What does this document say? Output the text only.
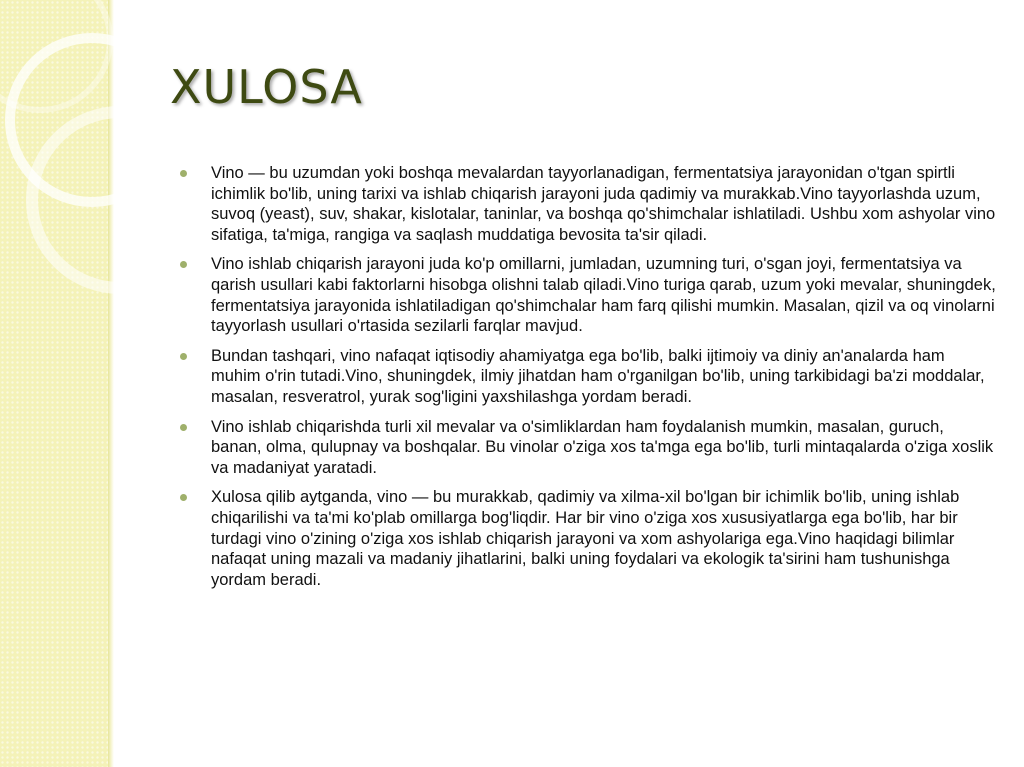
XULOSA
Vino — bu uzumdan yoki boshqa mevalardan tayyorlanadigan, fermentatsiya jarayonidan o'tgan spirtli ichimlik bo'lib, uning tarixi va ishlab chiqarish jarayoni juda qadimiy va murakkab.Vino tayyorlashda uzum, suvoq (yeast), suv, shakar, kislotalar, taninlar, va boshqa qo'shimchalar ishlatiladi. Ushbu xom ashyolar vino sifatiga, ta'miga, rangiga va saqlash muddatiga bevosita ta'sir qiladi.
Vino ishlab chiqarish jarayoni juda ko'p omillarni, jumladan, uzumning turi, o'sgan joyi, fermentatsiya va qarish usullari kabi faktorlarni hisobga olishni talab qiladi.Vino turiga qarab, uzum yoki mevalar, shuningdek, fermentatsiya jarayonida ishlatiladigan qo'shimchalar ham farq qilishi mumkin. Masalan, qizil va oq vinolarni tayyorlash usullari o'rtasida sezilarli farqlar mavjud.
Bundan tashqari, vino nafaqat iqtisodiy ahamiyatga ega bo'lib, balki ijtimoiy va diniy an'analarda ham muhim o'rin tutadi.Vino, shuningdek, ilmiy jihatdan ham o'rganilgan bo'lib, uning tarkibidagi ba'zi moddalar, masalan, resveratrol, yurak sog'ligini yaxshilashga yordam beradi.
Vino ishlab chiqarishda turli xil mevalar va o'simliklardan ham foydalanish mumkin, masalan, guruch, banan, olma, qulupnay va boshqalar. Bu vinolar o'ziga xos ta'mga ega bo'lib, turli mintaqalarda o'ziga xoslik va madaniyat yaratadi.
Xulosa qilib aytganda, vino — bu murakkab, qadimiy va xilma-xil bo'lgan bir ichimlik bo'lib, uning ishlab chiqarilishi va ta'mi ko'plab omillarga bog'liqdir. Har bir vino o'ziga xos xususiyatlarga ega bo'lib, har bir turdagi vino o'zining o'ziga xos ishlab chiqarish jarayoni va xom ashyolariga ega.Vino haqidagi bilimlar nafaqat uning mazali va madaniy jihatlarini, balki uning foydalari va ekologik ta'sirini ham tushunishga yordam beradi.
